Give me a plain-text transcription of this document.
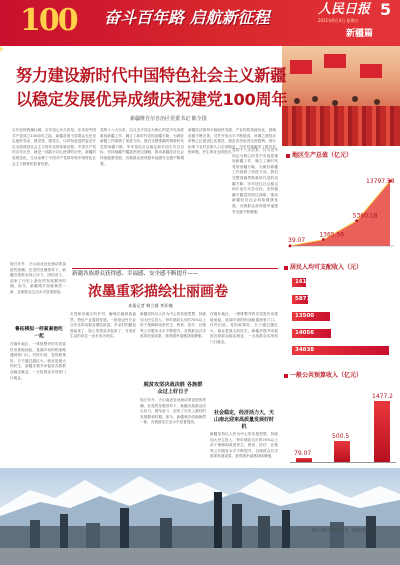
100 奋斗百年路 启航新征程	人民日报 5
2021年6月4日 星期五
新疆篇
努力建设新时代中国特色社会主义新疆
以稳定发展优异成绩庆祝建党100周年
新疆维吾尔自治区党委书记 陈全国
百年征程波澜壮阔，百年初心历久弥坚。在庆祝中国共产党成立100周年之际，新疆各族干部群众无比坚定地听党话、感党恩、跟党走，以昂扬奋进的姿态开启全面建设社会主义现代化国家新征程。中国共产党的百年历史，就是一部践行初心使命的历史。新疆的发展变化，生动诠释了中国共产党领导和中国特色社会主义制度的显著优势。
党的十八大以来，以习近平同志为核心的党中央高度重视新疆工作，确立了新时代党的治疆方略，为做好新疆工作指明了前进方向。我们完整准确贯彻新时代党的治疆方略，牢牢扭住社会稳定和长治久安总目标，坚持稳疆兴疆富民固边战略，推动新疆经济社会持续健康发展，各族群众获得感幸福感安全感不断增强。
新疆经济保持平稳较快发展，产业结构持续优化，基础设施不断完善，对外开放水平不断提高，丝绸之路经济带核心区建设扎实推进，脱贫攻坚取得全面胜利，现行标准下农村贫困人口全部脱贫，历史性地解决了绝对贫困问题，民生事业全面进步。
党的十八大以来，以习近平同志为核心的党中央高度重视新疆工作，确立了新时代党的治疆方略，为做好新疆工作指明了前进方向。我们完整准确贯彻新时代党的治疆方略，牢牢扭住社会稳定和长治久安总目标，坚持稳疆兴疆富民固边战略，推动新疆经济社会持续健康发展，各族群众获得感幸福感安全感不断增强。
地区生产总值（亿元）
39.07
1365.56
5360.18
13797.58
居民人均可支配收入（元）
1618
5871
13500
14056
34838
一般公共预算收入（亿元）
79.07
500.5
1477.2
旭日东升，天山南北处处涌动着奋进的热潮。在党的坚强领导下，新疆各族群众同心协力、团结奋斗，迎来了历史上最好的发展繁荣时期。如今，新疆城乡面貌焕然一新，各族群众生活水平显著提高。
鲁拓模拟一样紧紧抱吃一起
在喀什地区，一排排整齐的安居富民房拔地而起，宽阔平坦的柏油路通到家门口。村民们说，党的政策好，日子越过越红火。就业是最大的民生，新疆多措并举促进各族群众稳定就业，一大批群众实现家门口就业。
新疆各族群众获得感、幸福感、安全感不断提升——
浓墨重彩描绘壮丽画卷
本报记者 韩立群 李亚楠
走进和田地区的乡村，葡萄长廊绿意盎然，特色产业蓬勃发展。一批批农民专业合作社带动群众增收致富，乡亲们的腰包鼓起来了，脸上的笑容多起来了，对美好生活的向往一步步变为现实。
新疆坚持以人民为中心的发展思想，持续加大民生投入，每年财政支出的70%以上用于保障和改善民生，教育、医疗、社保等公共服务水平不断提升，各族群众共享改革发展成果，获得感幸福感持续增强。
脱贫攻坚决战决胜 各族群众过上好日子
旭日东升，天山南北处处涌动着奋进的热潮。在党的坚强领导下，新疆各族群众同心协力、团结奋斗，迎来了历史上最好的发展繁荣时期。如今，新疆城乡面貌焕然一新，各族群众生活水平显著提高。
在喀什地区，一排排整齐的安居富民房拔地而起，宽阔平坦的柏油路通到家门口。村民们说，党的政策好，日子越过越红火。就业是最大的民生，新疆多措并举促进各族群众稳定就业，一大批群众实现家门口就业。
社会稳定，经济活力大，天山南北迎来高质量发展好时机
新疆坚持以人民为中心的发展思想，持续加大民生投入，每年财政支出的70%以上用于保障和改善民生，教育、医疗、社保等公共服务水平不断提升，各族群众共享改革发展成果，获得感幸福感持续增强。
图为乌鲁木齐城市风光。本报记者 摄
